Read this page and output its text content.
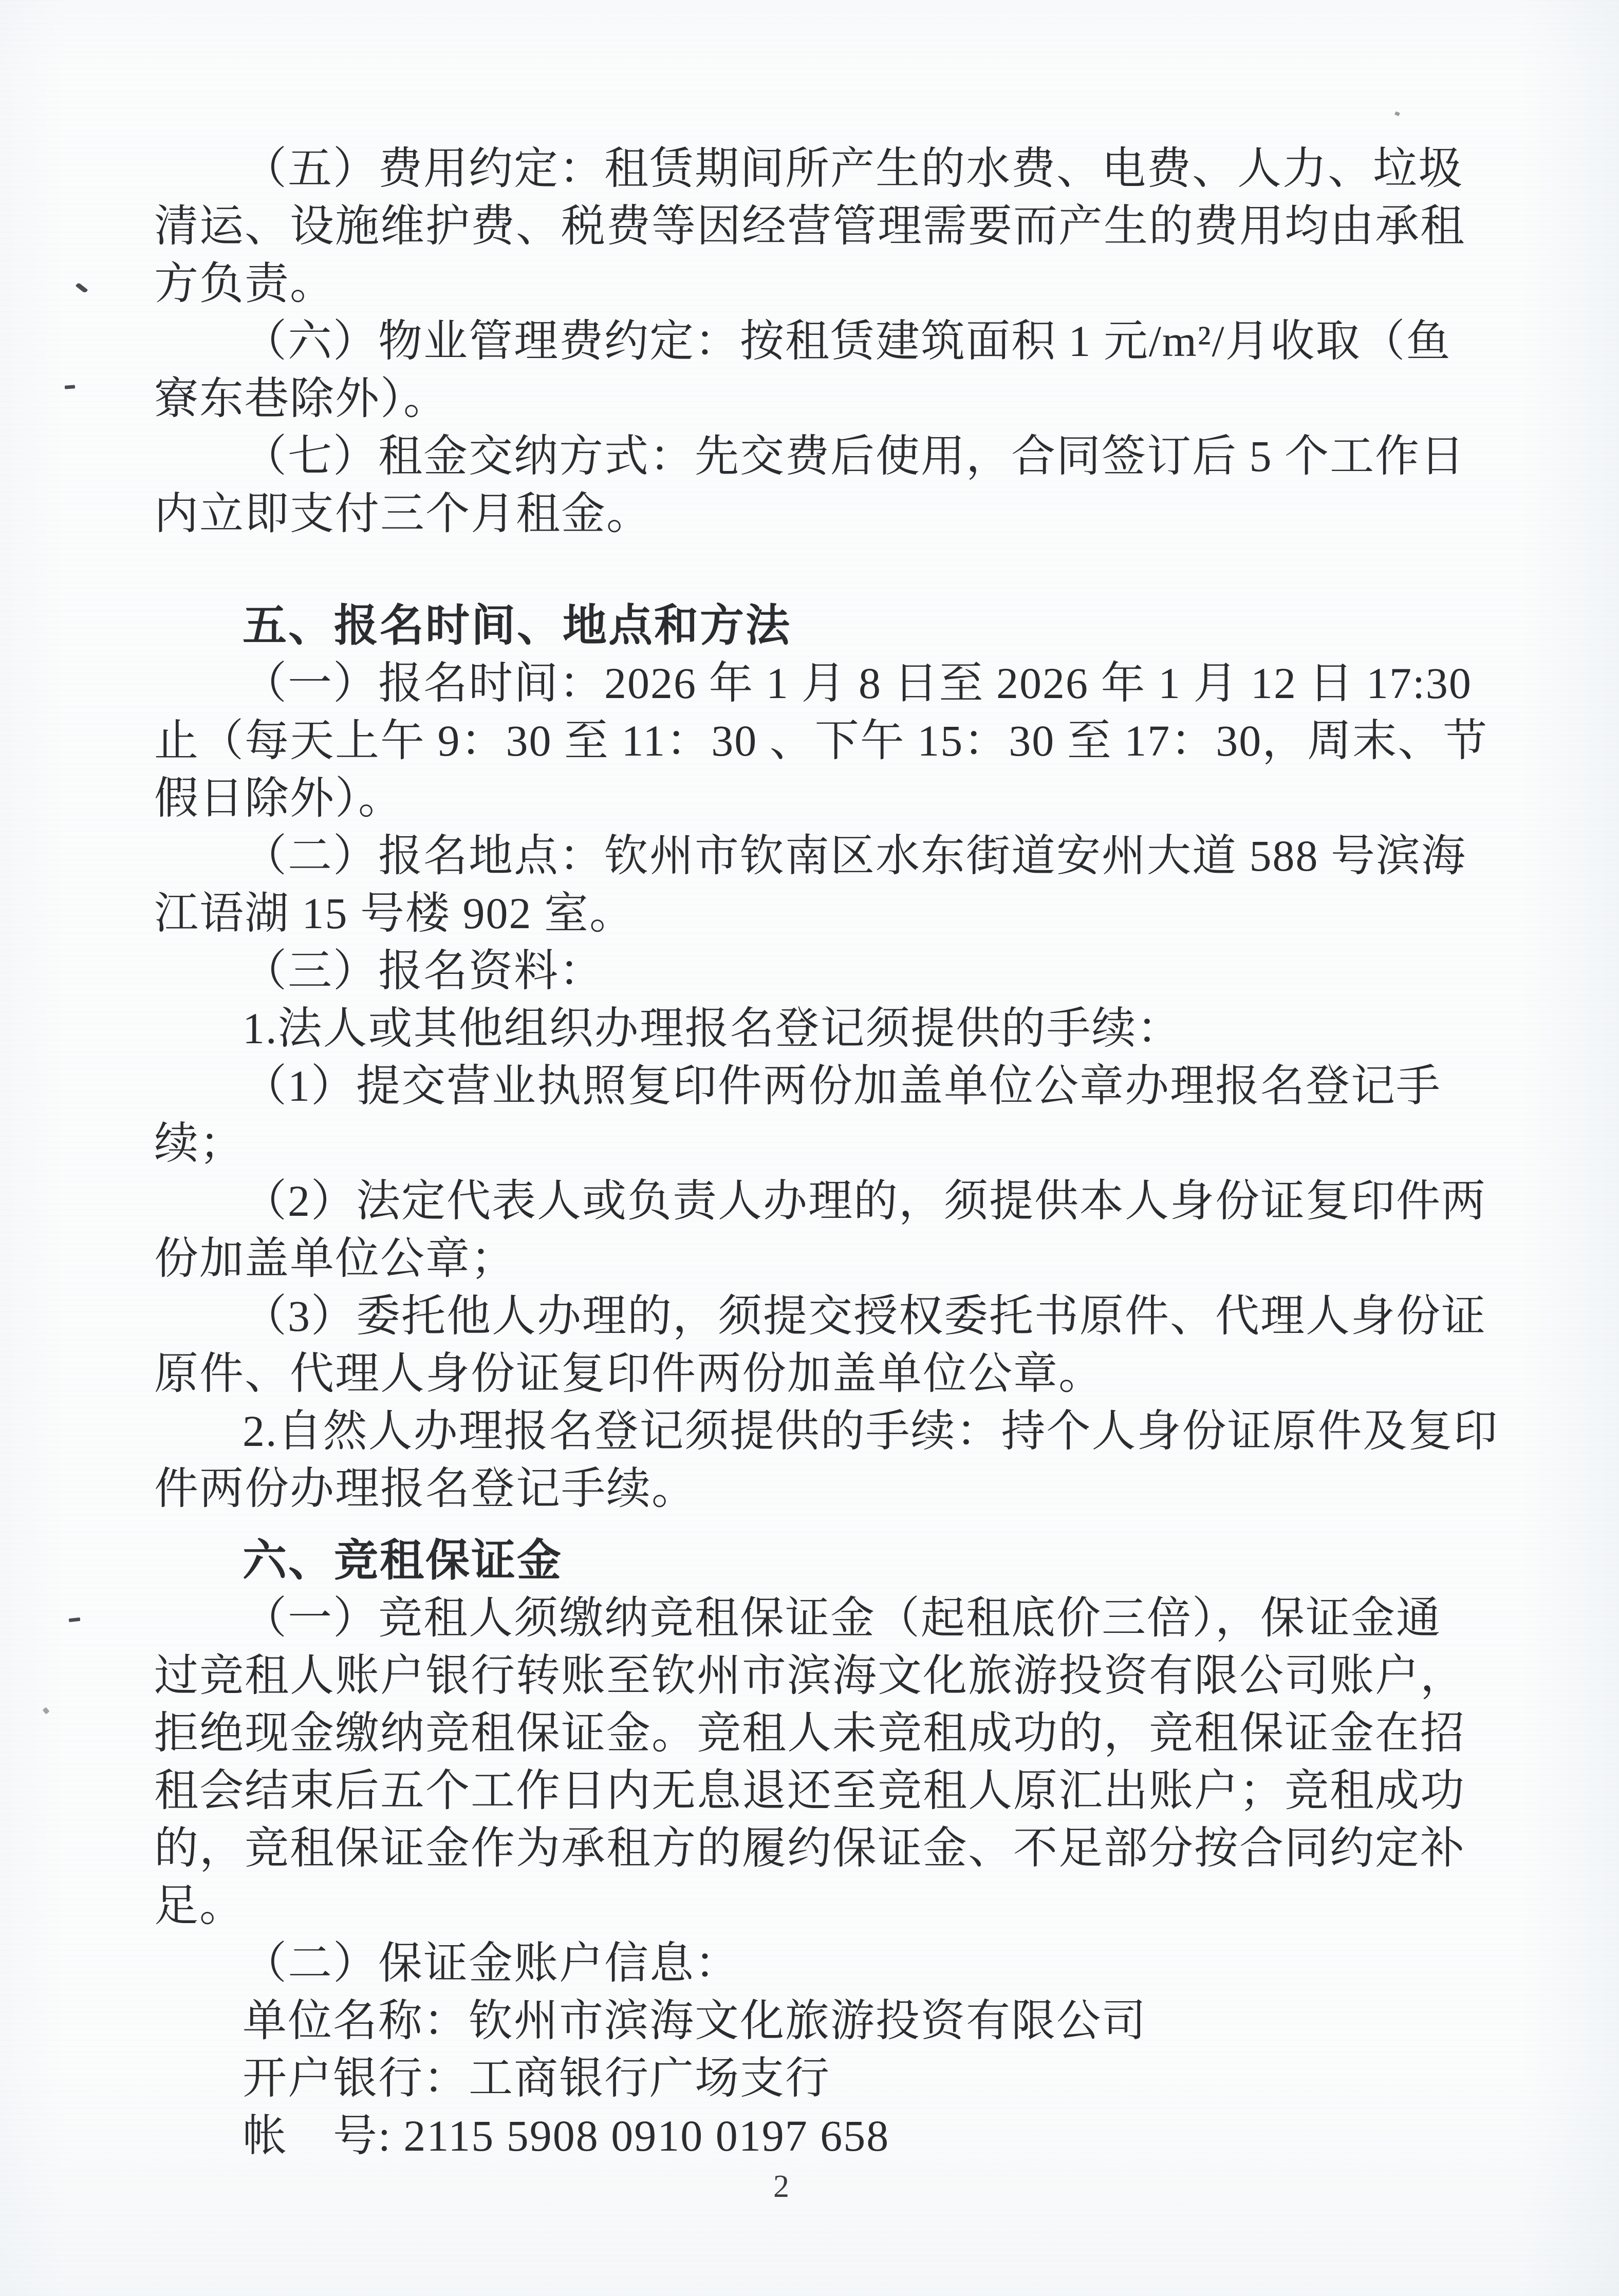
（五）费用约定：租赁期间所产生的水费、电费、人力、垃圾
清运、设施维护费、税费等因经营管理需要而产生的费用均由承租
方负责。
（六）物业管理费约定：按租赁建筑面积 1 元/m²/月收取（鱼
寮东巷除外）。
（七）租金交纳方式：先交费后使用，合同签订后 5 个工作日
内立即支付三个月租金。
五、报名时间、地点和方法
（一）报名时间：2026 年 1 月 8 日至 2026 年 1 月 12 日 17:30
止（每天上午 9：30 至 11：30 、下午 15：30 至 17：30，周末、节
假日除外）。
（二）报名地点：钦州市钦南区水东街道安州大道 588 号滨海
江语湖 15 号楼 902 室。
（三）报名资料：
1.法人或其他组织办理报名登记须提供的手续：
（1）提交营业执照复印件两份加盖单位公章办理报名登记手
续；
（2）法定代表人或负责人办理的，须提供本人身份证复印件两
份加盖单位公章；
（3）委托他人办理的，须提交授权委托书原件、代理人身份证
原件、代理人身份证复印件两份加盖单位公章。
2.自然人办理报名登记须提供的手续：持个人身份证原件及复印
件两份办理报名登记手续。
六、竞租保证金
（一）竞租人须缴纳竞租保证金（起租底价三倍），保证金通
过竞租人账户银行转账至钦州市滨海文化旅游投资有限公司账户，
拒绝现金缴纳竞租保证金。竞租人未竞租成功的，竞租保证金在招
租会结束后五个工作日内无息退还至竞租人原汇出账户；竞租成功
的，竞租保证金作为承租方的履约保证金、不足部分按合同约定补
足。
（二）保证金账户信息：
单位名称：钦州市滨海文化旅游投资有限公司
开户银行：工商银行广场支行
帐　号: 2115 5908 0910 0197 658
2
